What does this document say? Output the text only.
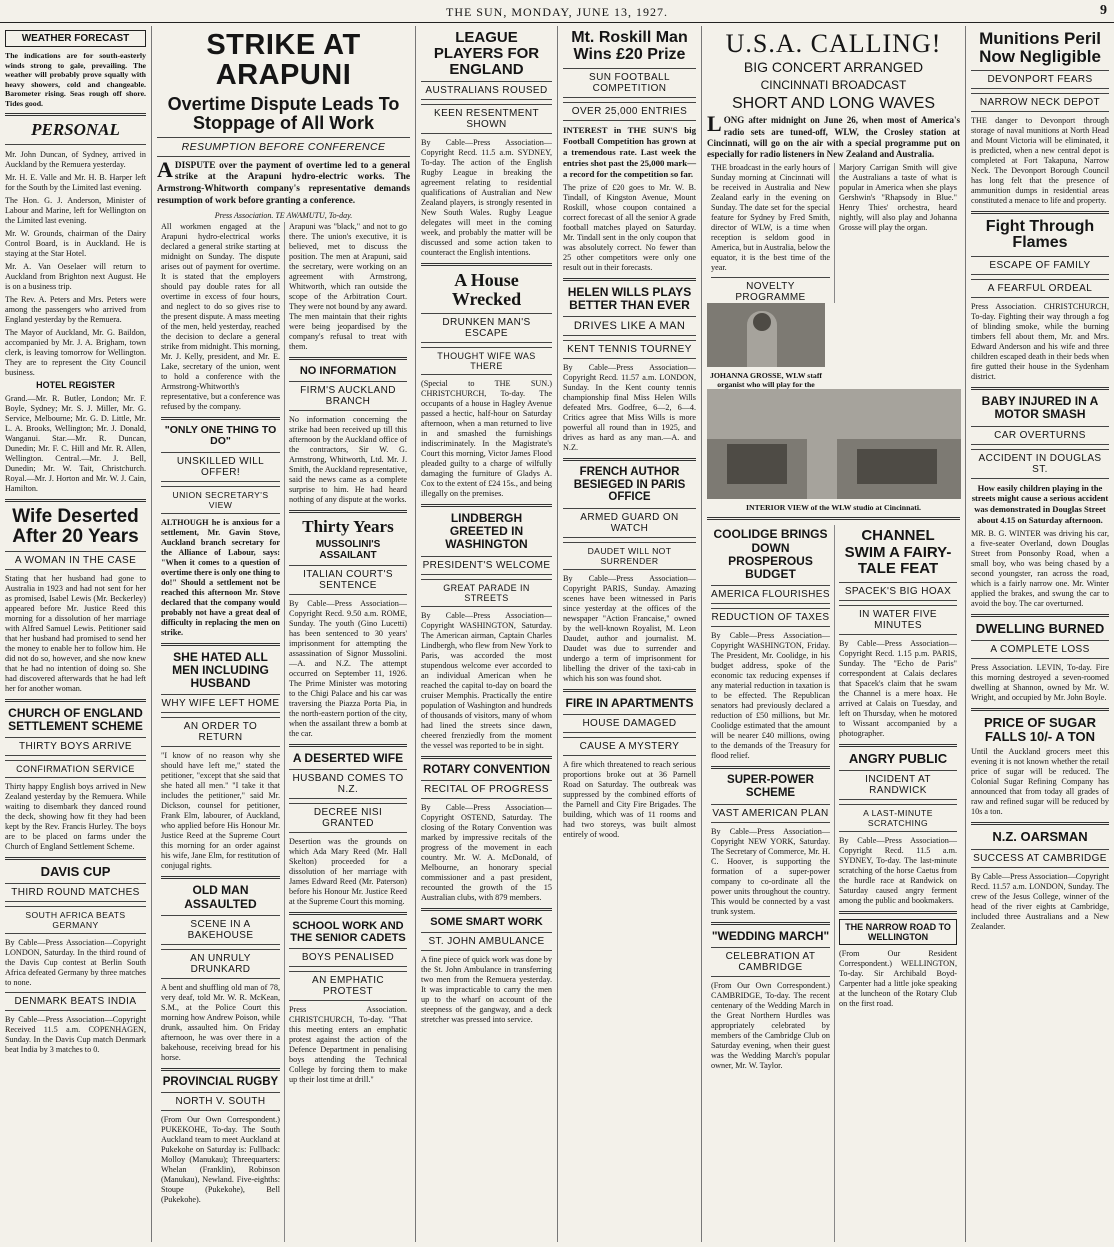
THE SUN, MONDAY, JUNE 13, 1927.	9
WEATHER FORECAST

The indications are for south-easterly winds strong to gale, prevailing. The weather will probably prove squally with heavy showers, cold and changeable. Barometer rising. Seas rough off shore. Tides good.

PERSONAL

Mr. John Duncan, of Sydney, arrived in Auckland by the Remuera yesterday.

Mr. H. E. Valle and Mr. H. B. Harper left for the South by the Limited last evening.

The Hon. G. J. Anderson, Minister of Labour and Marine, left for Wellington on the Limited last evening.

Mr. W. Grounds, chairman of the Dairy Control Board, is in Auckland. He is staying at the Star Hotel.

Mr. A. Van Oeselaer will return to Auckland from Brighton next August. He is on a business trip.

The Rev. A. Peters and Mrs. Peters were among the passengers who arrived from England yesterday by the Remuera.

The Mayor of Auckland, Mr. G. Baildon, accompanied by Mr. J. A. Brigham, town clerk, is leaving tomorrow for Wellington. They are to represent the City Council business.

HOTEL REGISTER

Grand.—Mr. R. Butler, London; Mr. F. Boyle, Sydney; Mr. S. J. Miller, Mr. G. Service, Melbourne; Mr. G. D. Little, Mr. L. A. Brooks, Wellington; Mr. J. Donald, Wanganui. Star.—Mr. R. Duncan, Dunedin; Mr. F. C. Hill and Mr. R. Allen, Wellington. Central.—Mr. J. Bell, Dunedin; Mr. W. Tait, Christchurch. Royal.—Mr. J. Horton and Mr. W. J. Cain, Hamilton.

Wife Deserted After 20 Years
A WOMAN IN THE CASE

Stating that her husband had gone to Australia in 1923 and had not sent for her as promised, Isabel Lewis (Mr. Beckerley) appeared before Mr. Justice Reed this morning for a dissolution of her marriage with Alfred Samuel Lewis. Petitioner said that her husband had promised to send her the money to enable her to follow him. He did not do so, however, and she now knew that he had no intention of doing so. She had discovered afterwards that he had left her for another woman.

CHURCH OF ENGLAND SETTLEMENT SCHEME
THIRTY BOYS ARRIVE
CONFIRMATION SERVICE

Thirty happy English boys arrived in New Zealand yesterday by the Remuera. While waiting to disembark they danced round the deck, showing how fit they had been kept by the Rev. Francis Hurley. The boys are to be placed on farms under the Church of England Settlement Scheme.

DAVIS CUP
THIRD ROUND MATCHES
SOUTH AFRICA BEATS GERMANY

By Cable—Press Association—Copyright LONDON, Saturday. In the third round of the Davis Cup contest at Berlin South Africa defeated Germany by three matches to none.

DENMARK BEATS INDIA

By Cable—Press Association—Copyright Received 11.5 a.m. COPENHAGEN, Sunday. In the Davis Cup match Denmark beat India by 3 matches to 0.

STRIKE AT ARAPUNI
Overtime Dispute Leads To Stoppage of All Work
RESUMPTION BEFORE CONFERENCE

ADISPUTE over the payment of overtime led to a general strike at the Arapuni hydro-electric works. The Armstrong-Whitworth company's representative demands resumption of work before granting a conference.

Press Association. TE AWAMUTU, To-day.

All workmen engaged at the Arapuni hydro-electrical works declared a general strike starting at midnight on Sunday. The dispute arises out of payment for overtime. It is stated that the employers should pay double rates for all overtime in excess of four hours, and neglect to do so gives rise to the present dispute. A mass meeting of the men, held yesterday, reached the decision to declare a general strike from midnight. This morning, Mr. J. Kelly, president, and Mr. E. Lake, secretary of the union, went to hold a conference with the Armstrong-Whitworth's representative, but a conference was refused by the company.

"ONLY ONE THING TO DO"
UNSKILLED WILL OFFER!
UNION SECRETARY'S VIEW

ALTHOUGH he is anxious for a settlement, Mr. Gavin Stove, Auckland branch secretary for the Alliance of Labour, says: "When it comes to a question of overtime there is only one thing to do!" Should a settlement not be reached this afternoon Mr. Stove declared that the company would probably not have a great deal of difficulty in replacing the men on strike.

SHE HATED ALL MEN INCLUDING HUSBAND
WHY WIFE LEFT HOME
AN ORDER TO RETURN

"I know of no reason why she should have left me," stated the petitioner, "except that she said that she hated all men." "I take it that includes the petitioner," said Mr. Dickson, counsel for petitioner, Frank Elm, labourer, of Auckland, who applied before His Honour Mr. Justice Reed at the Supreme Court this morning for an order against his wife, Jane Elm, for restitution of conjugal rights.

OLD MAN ASSAULTED
SCENE IN A BAKEHOUSE
AN UNRULY DRUNKARD

A bent and shuffling old man of 78, very deaf, told Mr. W. R. McKean, S.M., at the Police Court this morning how Andrew Poison, while drunk, assaulted him. On Friday afternoon, he was over there in a bakehouse, receiving bread for his horse.

PROVINCIAL RUGBY
NORTH V. SOUTH

(From Our Own Correspondent.) PUKEKOHE, To-day. The South Auckland team to meet Auckland at Pukekohe on Saturday is: Fullback: Molloy (Manukau); Threequarters: Whelan (Franklin), Robinson (Manukau), Newland. Five-eighths: Stoupe (Pukekohe), Bell (Pukekohe).

Arapuni was "black," and not to go there. The union's executive, it is believed, met to discuss the position. The men at Arapuni, said the secretary, were working on an agreement with Armstrong, Whitworth, which ran outside the scope of the Arbitration Court. They were not bound by any award. The men maintain that their rights were being jeopardised by the company's refusal to treat with them.

NO INFORMATION
FIRM'S AUCKLAND BRANCH

No information concerning the strike had been received up till this afternoon by the Auckland office of the contractors, Sir W. G. Armstrong, Whitworth, Ltd. Mr. J. Smith, the Auckland representative, said the news came as a complete surprise to him. He had heard nothing of any dispute at the works.

Thirty Years
MUSSOLINI'S ASSAILANT
ITALIAN COURT'S SENTENCE

By Cable—Press Association—Copyright Recd. 9.50 a.m. ROME, Sunday. The youth (Gino Lucetti) has been sentenced to 30 years' imprisonment for attempting the assassination of Signor Mussolini.—A. and N.Z. The attempt occurred on September 11, 1926. The Prime Minister was motoring to the Chigi Palace and his car was traversing the Piazza Porta Pia, in the north-eastern portion of the city, when the assailant threw a bomb at the car.

A DESERTED WIFE
HUSBAND COMES TO N.Z.
DECREE NISI GRANTED

Desertion was the grounds on which Ada Mary Reed (Mr. Hall Skelton) proceeded for a dissolution of her marriage with James Edward Reed (Mr. Paterson) before his Honour Mr. Justice Reed at the Supreme Court this morning.

SCHOOL WORK AND THE SENIOR CADETS
BOYS PENALISED
AN EMPHATIC PROTEST

Press Association. CHRISTCHURCH, To-day. "That this meeting enters an emphatic protest against the action of the Defence Department in penalising boys attending the Technical College by forcing them to make up their lost time at drill."

LEAGUE PLAYERS FOR ENGLAND
AUSTRALIANS ROUSED
KEEN RESENTMENT SHOWN

By Cable—Press Association—Copyright Recd. 11.5 a.m. SYDNEY, To-day. The action of the English Rugby League in breaking the agreement relating to residential qualifications of Australian and New Zealand players, is strongly resented in New South Wales. Rugby League delegates will meet in the coming week, and probably the matter will be discussed and some action taken to counteract the English intentions.

A House Wrecked
DRUNKEN MAN'S ESCAPE
THOUGHT WIFE WAS THERE

(Special to THE SUN.) CHRISTCHURCH, To-day. The occupants of a house in Hagley Avenue passed a hectic, half-hour on Saturday afternoon, when a man returned to live in and smashed the furnishings indiscriminately. In the Magistrate's Court this morning, Victor James Flood pleaded guilty to a charge of wilfully damaging the furniture of Gladys A. Cox to the extent of £24 15s., and being illegally on the premises.

LINDBERGH GREETED IN WASHINGTON
PRESIDENT'S WELCOME
GREAT PARADE IN STREETS

By Cable—Press Association—Copyright WASHINGTON, Saturday. The American airman, Captain Charles Lindbergh, who flew from New York to Paris, was accorded the most stupendous welcome ever accorded to an individual American when he reached the capital to-day on board the cruiser Memphis. Practically the entire population of Washington and hundreds of thousands of visitors, many of whom had lined the streets since dawn, cheered frenziedly from the moment the vessel was reported to be in sight.

ROTARY CONVENTION
RECITAL OF PROGRESS

By Cable—Press Association—Copyright OSTEND, Saturday. The closing of the Rotary Convention was marked by impressive recitals of the progress of the movement in each country. Mr. W. A. McDonald, of Melbourne, an honorary special commissioner and a past president, recounted the growth of the 15 Australian clubs, with 879 members.

SOME SMART WORK
ST. JOHN AMBULANCE

A fine piece of quick work was done by the St. John Ambulance in transferring two men from the Remuera yesterday. It was impracticable to carry the men up to the wharf on account of the steepness of the gangway, and a deck stretcher was pressed into service.

Mt. Roskill Man Wins £20 Prize
SUN FOOTBALL COMPETITION
OVER 25,000 ENTRIES

INTEREST in THE SUN'S big Football Competition has grown at a tremendous rate. Last week the entries shot past the 25,000 mark—a record for the competition so far.

The prize of £20 goes to Mr. W. B. Tindall, of Kingston Avenue, Mount Roskill, whose coupon contained a correct forecast of all the senior A grade football matches played on Saturday. Mr. Tindall sent in the only coupon that was absolutely correct. No fewer than 25 other competitors were only one result out in their forecasts.

HELEN WILLS PLAYS BETTER THAN EVER
DRIVES LIKE A MAN
KENT TENNIS TOURNEY

By Cable—Press Association—Copyright Recd. 11.57 a.m. LONDON, Sunday. In the Kent county tennis championship final Miss Helen Wills defeated Mrs. Godfree, 6—2, 6—4. Critics agree that Miss Wills is more powerful all round than in 1925, and drives as hard as any man.—A. and N.Z.

FRENCH AUTHOR BESIEGED IN PARIS OFFICE
ARMED GUARD ON WATCH
DAUDET WILL NOT SURRENDER

By Cable—Press Association—Copyright PARIS, Sunday. Amazing scenes have been witnessed in Paris since yesterday at the offices of the newspaper "Action Francaise," owned by the well-known Royalist, M. Leon Daudet, author and journalist. M. Daudet was due to surrender and undergo a term of imprisonment for libelling the driver of the taxi-cab in which his son was found shot.

FIRE IN APARTMENTS
HOUSE DAMAGED
CAUSE A MYSTERY

A fire which threatened to reach serious proportions broke out at 36 Parnell Road on Saturday. The outbreak was suppressed by the combined efforts of the Parnell and City Fire Brigades. The building, which was of 11 rooms and had two storeys, was built almost entirely of wood.

U.S.A. CALLING!
BIG CONCERT ARRANGED
CINCINNATI BROADCAST
SHORT AND LONG WAVES

LONG after midnight on June 26, when most of America's radio sets are tuned-off, WLW, the Crosley station at Cincinnati, will go on the air with a special programme put on especially for radio listeners in New Zealand and Australia.

THE broadcast in the early hours of Sunday morning at Cincinnati will be received in Australia and New Zealand early in the evening on Sunday. The date set for the special feature for Sydney by Fred Smith, director of WLW, is a time when reception is seldom good in America, but in Australia, below the equator, it is the best time of the year.

NOVELTY PROGRAMME

Marjory Carrigan Smith will give the Australians a taste of what is popular in America when she plays Gershwin's "Rhapsody in Blue." Henry Thies' orchestra, heard nightly, will also play and Johanna Grosse will play the organ.

JOHANNA GROSSE, WLW staff organist who will play for the
INTERIOR VIEW of the WLW studio at Cincinnati.
COOLIDGE BRINGS DOWN PROSPEROUS BUDGET
AMERICA FLOURISHES
REDUCTION OF TAXES

By Cable—Press Association—Copyright WASHINGTON, Friday. The President, Mr. Coolidge, in his budget address, spoke of the economic tax reducing expenses if any material reduction in taxation is to be effected. The Republican senators had previously declared a reduction of £50 millions, but Mr. Coolidge estimated that the amount will be nearer £40 millions, owing to the demands of the Treasury for flood relief.

SUPER-POWER SCHEME
VAST AMERICAN PLAN

By Cable—Press Association—Copyright NEW YORK, Saturday. The Secretary of Commerce, Mr. H. C. Hoover, is supporting the formation of a super-power company to co-ordinate all the power units throughout the country. This would be connected by a vast trunk system.

"WEDDING MARCH"
CELEBRATION AT CAMBRIDGE

(From Our Own Correspondent.) CAMBRIDGE, To-day. The recent centenary of the Wedding March in the Great Northern Hurdles was appropriately celebrated by members of the Cambridge Club on Saturday evening, when their guest was the Wedding March's popular owner, Mr. W. Taylor.

CHANNEL SWIM A FAIRY-TALE FEAT
SPACEK'S BIG HOAX
IN WATER FIVE MINUTES

By Cable—Press Association—Copyright Recd. 1.15 p.m. PARIS, Sunday. The "Echo de Paris" correspondent at Calais declares that Spacek's claim that he swam the Channel is a mere hoax. He arrived at Calais on Tuesday, and left on Thursday, when he motored to Wissant accompanied by a photographer.

ANGRY PUBLIC
INCIDENT AT RANDWICK
A LAST-MINUTE SCRATCHING

By Cable—Press Association—Copyright Recd. 11.5 a.m. SYDNEY, To-day. The last-minute scratching of the horse Caetus from the hurdle race at Randwick on Saturday caused angry ferment among the public and bookmakers.

THE NARROW ROAD TO WELLINGTON

(From Our Resident Correspondent.) WELLINGTON, To-day. Sir Archibald Boyd-Carpenter had a little joke speaking at the luncheon of the Rotary Club on the first road.

Munitions Peril Now Negligible
DEVONPORT FEARS
NARROW NECK DEPOT

THE danger to Devonport through storage of naval munitions at North Head and Mount Victoria will be eliminated, it is predicted, when a new central depot is completed at Fort Takapuna, Narrow Neck. The Devonport Borough Council has long felt that the presence of ammunition dumps in residential areas constituted a menace to life and property.

Fight Through Flames
ESCAPE OF FAMILY
A FEARFUL ORDEAL

Press Association. CHRISTCHURCH, To-day. Fighting their way through a fog of blinding smoke, while the burning timbers fell about them, Mr. and Mrs. Edward Anderson and his wife and three children escaped death in their beds when fire gutted their house in the Sydenham district.

BABY INJURED IN A MOTOR SMASH
CAR OVERTURNS
ACCIDENT IN DOUGLAS ST.

How easily children playing in the streets might cause a serious accident was demonstrated in Douglas Street about 4.15 on Saturday afternoon.

MR. B. G. WINTER was driving his car, a five-seater Overland, down Douglas Street from Ponsonby Road, when a small boy, who was being chased by a second youngster, ran across the road, which is a fairly narrow one. Mr. Winter applied the brakes, and swung the car to avoid the boy. The car overturned.

DWELLING BURNED
A COMPLETE LOSS

Press Association. LEVIN, To-day. Fire this morning destroyed a seven-roomed dwelling at Shannon, owned by Mr. W. Wright, and occupied by Mr. John Boyle.

PRICE OF SUGAR FALLS 10/- A TON

Until the Auckland grocers meet this evening it is not known whether the retail price of sugar will be reduced. The Colonial Sugar Refining Company has announced that from today all grades of raw and refined sugar will be reduced by 10s a ton.

N.Z. OARSMAN
SUCCESS AT CAMBRIDGE

By Cable—Press Association—Copyright Recd. 11.57 a.m. LONDON, Sunday. The crew of the Jesus College, winner of the head of the river eights at Cambridge, included three Australians and a New Zealander.
